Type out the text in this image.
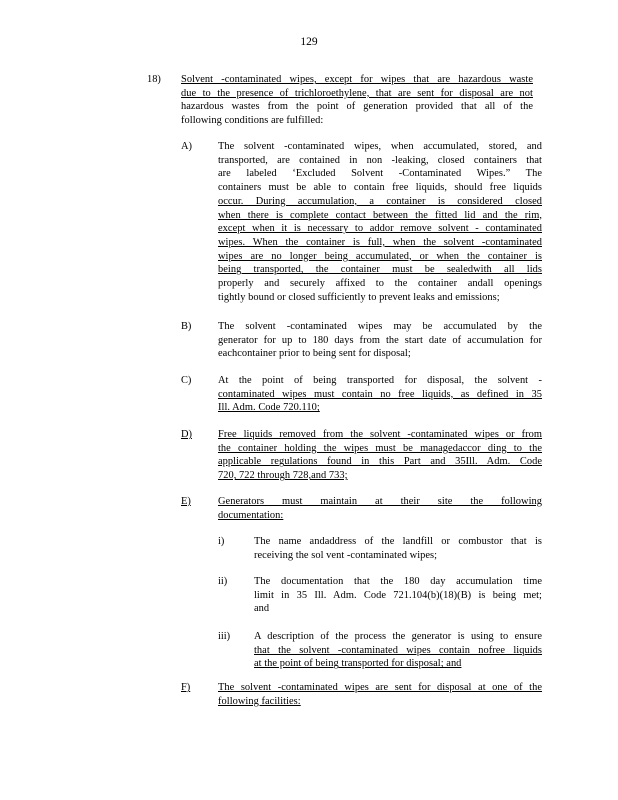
129
18) Solvent -contaminated wipes, except for wipes that are hazardous waste
due to the presence of trichloroethylene, that are sent for disposal are not
hazardous wastes from the point of generation provided that all of the
following conditions are fulfilled:
A)	The solvent -contaminated wipes, when accumulated, stored, and
transported, are contained in non -leaking, closed containers that
are labeled ‘Excluded Solvent -Contaminated Wipes.” The
containers must be able to contain free liquids, should free liquids
occur. During accumulation, a container is considered closed
when there is complete contact between the fitted lid and the rim,
except when it is necessary to addor remove solvent - contaminated
wipes. When the container is full, when the solvent -contaminated
wipes are no longer being accumulated, or when the container is
being transported, the container must be sealedwith all lids
properly and securely affixed to the container andall openings
tightly bound or closed sufficiently to prevent leaks and emissions;
B)	The solvent -contaminated wipes may be accumulated by the
generator for up to 180 days from the start date of accumulation for
eachcontainer prior to being sent for disposal;
C)	At the point of being transported for disposal, the solvent -
contaminated wipes must contain no free liquids, as defined in 35
Ill. Adm. Code 720.110;
D)	Free liquids removed from the solvent -contaminated wipes or from
the container holding the wipes must be managedaccor ding to the
applicable regulations found in this Part and 35Ill. Adm. Code
720, 722 through 728,and 733;
E)	Generators must maintain at their site the following
documentation:
i)	The name andaddress of the landfill or combustor that is
receiving the sol vent -contaminated wipes;
ii)	The documentation that the 180 day accumulation time
limit in 35 Ill. Adm. Code 721.104(b)(18)(B) is being met;
and
iii) A description of the process the generator is using to ensure
that the solvent -contaminated wipes contain nofree liquids
at the point of being transported for disposal; and
F)	The solvent -contaminated wipes are sent for disposal at one of the
following facilities:
